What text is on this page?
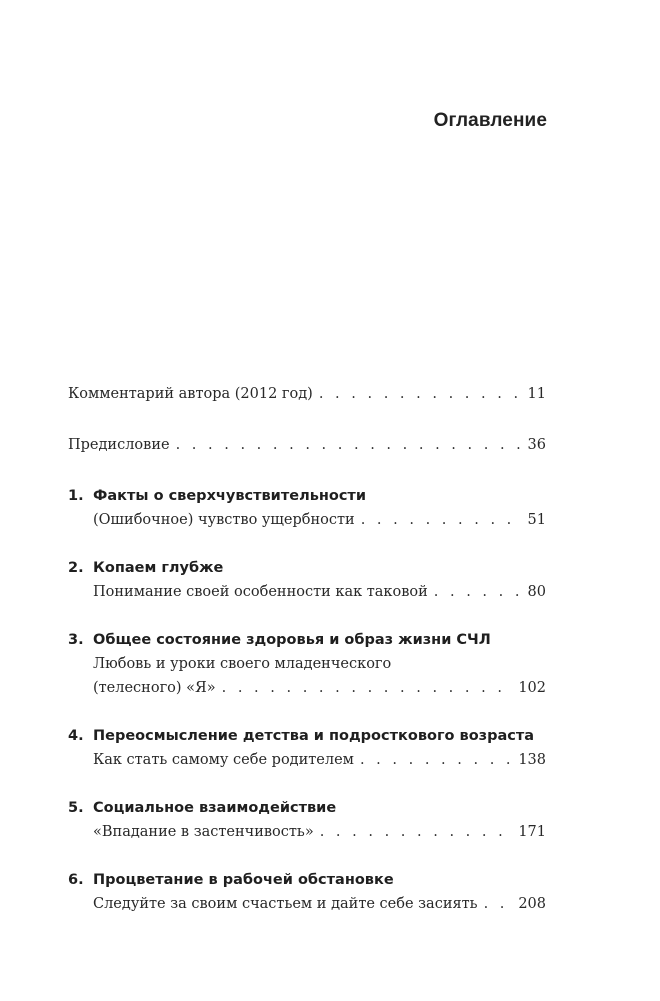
Оглавление
Комментарий автора (2012 год) . . .	11
Предисловие . . .	36
1. Факты о сверхчувствительности
(Ошибочное) чувство ущербности . . .	51
2. Копаем глубже
Понимание своей особенности как таковой . . .	80
3. Общее состояние здоровья и образ жизни СЧЛ
Любовь и уроки своего младенческого
(телесного) «Я» . . .	102
4. Переосмысление детства и подросткового возраста
Как стать самому себе родителем . . .	138
5. Социальное взаимодействие
«Впадание в застенчивость» . . .	171
6. Процветание в рабочей обстановке
Следуйте за своим счастьем и дайте себе засиять . . .	208
